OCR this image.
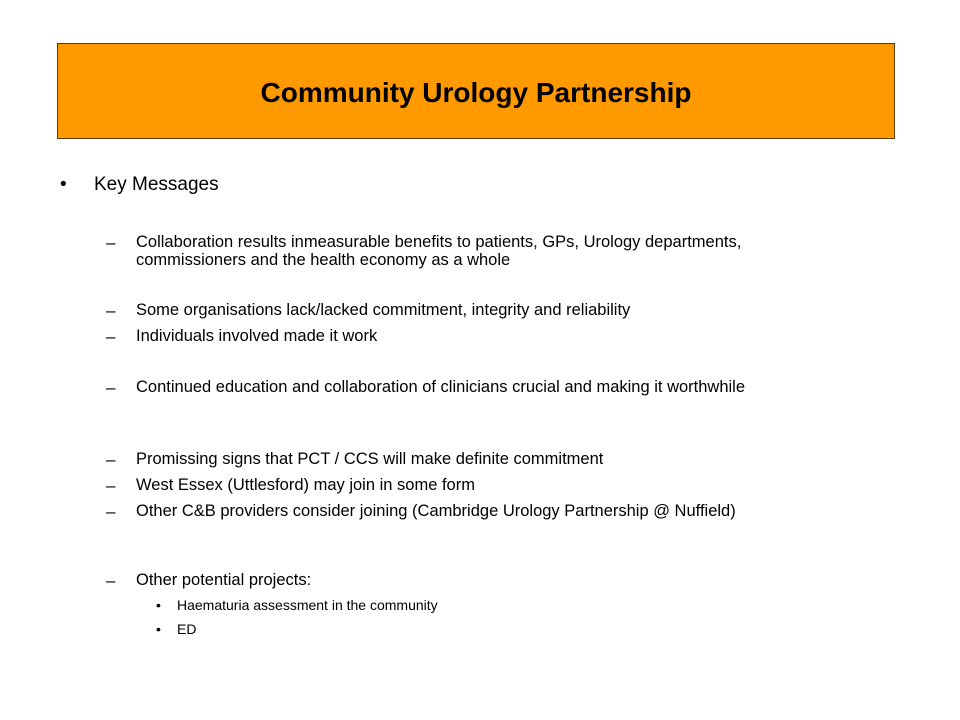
Community Urology Partnership
•	Key Messages
–	Collaboration results inmeasurable benefits to patients, GPs, Urology departments, commissioners and the health economy as a whole
–	Some organisations lack/lacked commitment, integrity and reliability
–	Individuals involved made it work
–	Continued education and collaboration of clinicians crucial and making it worthwhile
–	Promissing signs that PCT / CCS will make definite commitment
–	West Essex (Uttlesford) may join in some form
–	Other C&B providers consider joining (Cambridge Urology Partnership @ Nuffield)
–	Other potential projects:
•	Haematuria assessment in the community
•	ED
